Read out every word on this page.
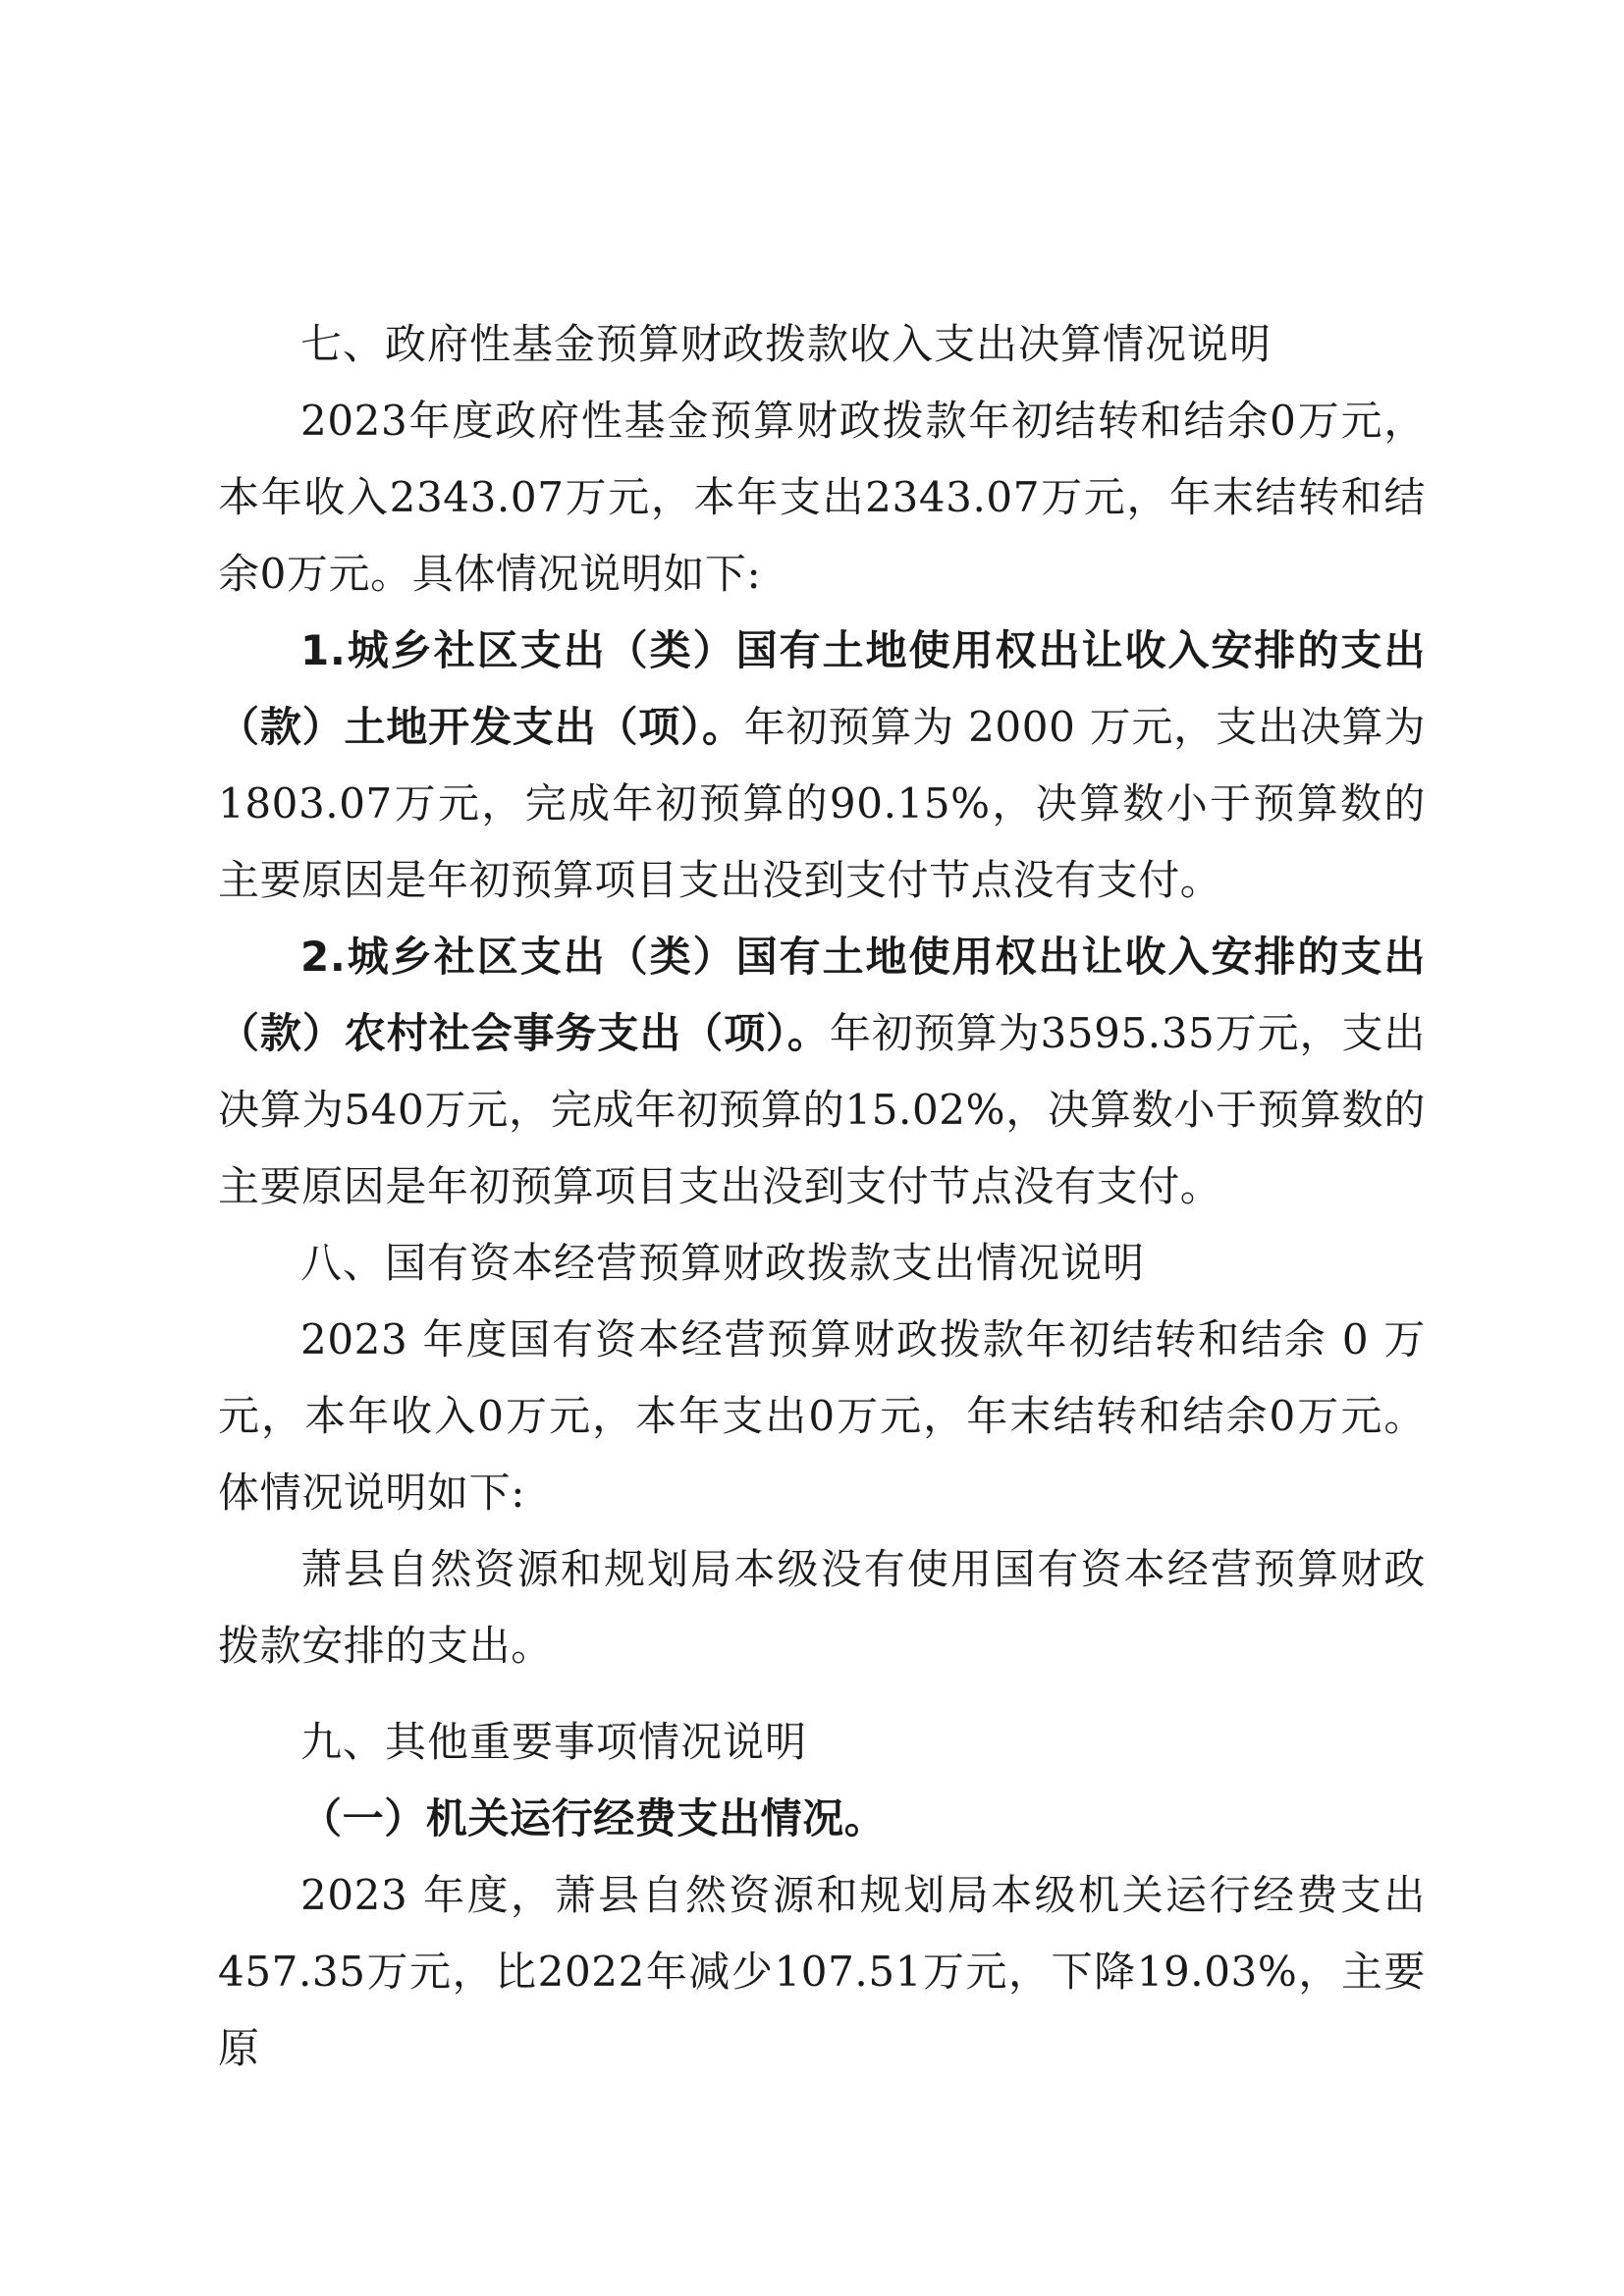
七、政府性基金预算财政拨款收入支出决算情况说明

2023年度政府性基金预算财政拨款年初结转和结余0万元，本年收入2343.07万元，本年支出2343.07万元，年末结转和结余0万元。具体情况说明如下:

1.城乡社区支出（类）国有土地使用权出让收入安排的支出（款）土地开发支出（项）。年初预算为 2000 万元，支出决算为1803.07万元，完成年初预算的90.15%，决算数小于预算数的主要原因是年初预算项目支出没到支付节点没有支付。

2.城乡社区支出（类）国有土地使用权出让收入安排的支出（款）农村社会事务支出（项）。年初预算为3595.35万元，支出决算为540万元，完成年初预算的15.02%，决算数小于预算数的主要原因是年初预算项目支出没到支付节点没有支付。

八、国有资本经营预算财政拨款支出情况说明

2023 年度国有资本经营预算财政拨款年初结转和结余 0 万元，本年收入0万元，本年支出0万元，年末结转和结余0万元。体情况说明如下:

萧县自然资源和规划局本级没有使用国有资本经营预算财政拨款安排的支出。

九、其他重要事项情况说明

（一）机关运行经费支出情况。

2023 年度，萧县自然资源和规划局本级机关运行经费支出457.35万元，比2022年减少107.51万元，下降19.03%，主要原
